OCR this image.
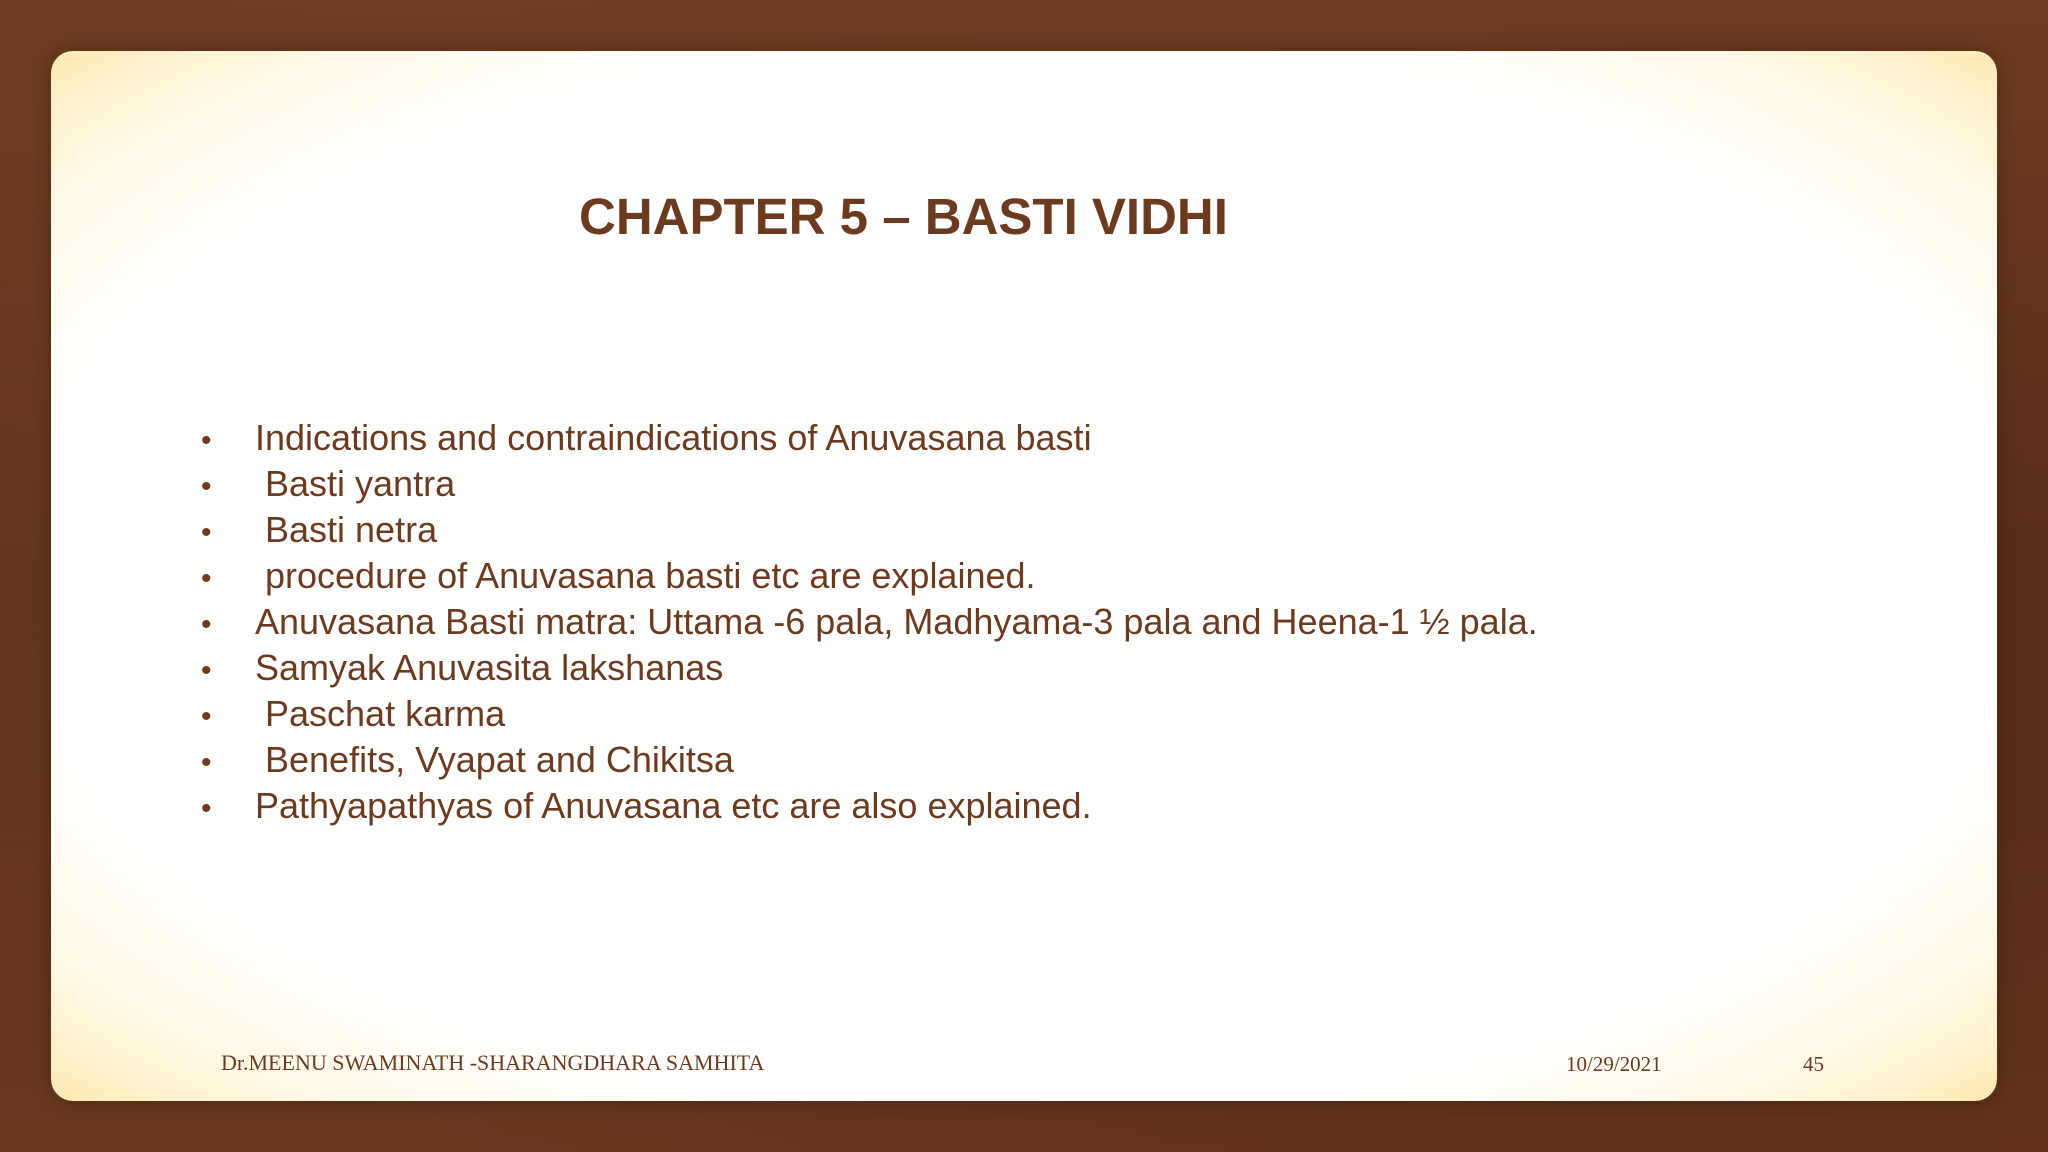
CHAPTER 5 – BASTI VIDHI
•	Indications and contraindications of Anuvasana basti
•	Basti yantra
•	Basti netra
•	procedure of Anuvasana basti etc are explained.
•	Anuvasana Basti matra: Uttama -6 pala, Madhyama-3 pala and Heena-1 ½ pala.
•	Samyak Anuvasita lakshanas
•	Paschat karma
•	Benefits, Vyapat and Chikitsa
•	Pathyapathyas of Anuvasana etc are also explained.
Dr.MEENU SWAMINATH -SHARANGDHARA SAMHITA	10/29/2021	45
